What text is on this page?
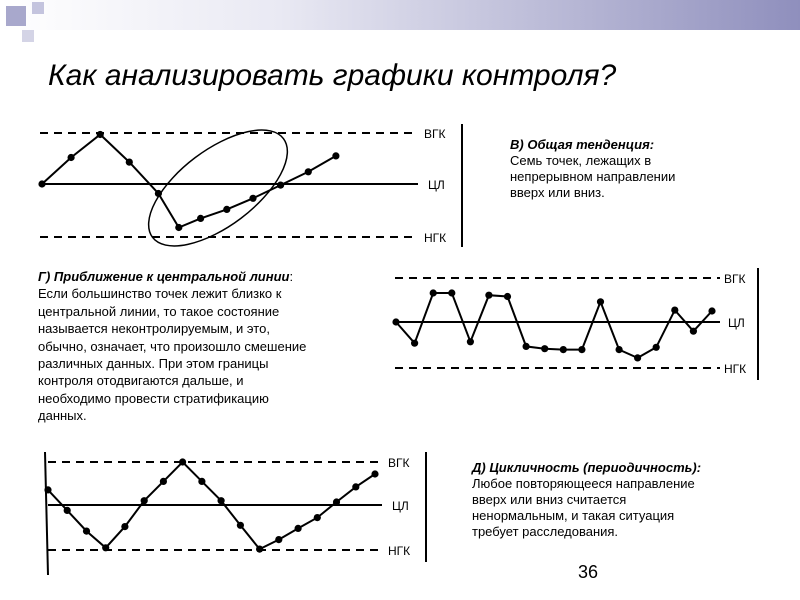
Как анализировать графики контроля?
ВГК
ЦЛ
НГК
ВГК
ЦЛ
НГК
ВГК
ЦЛ
НГК
В) Общая тенденция:

Семь точек, лежащих в

непрерывном направлении

вверх или вниз.

Г) Приближение к центральной линии:

Если большинство точек лежит близко к

центральной линии, то такое состояние

называется неконтролируемым, и это,

обычно, означает, что произошло смешение

различных данных. При этом границы

контроля отодвигаются дальше, и

необходимо провести стратификацию

данных.

Д) Цикличность (периодичность):

Любое повторяющееся направление

вверх или вниз считается

ненормальным, и такая ситуация

требует расследования.

36
